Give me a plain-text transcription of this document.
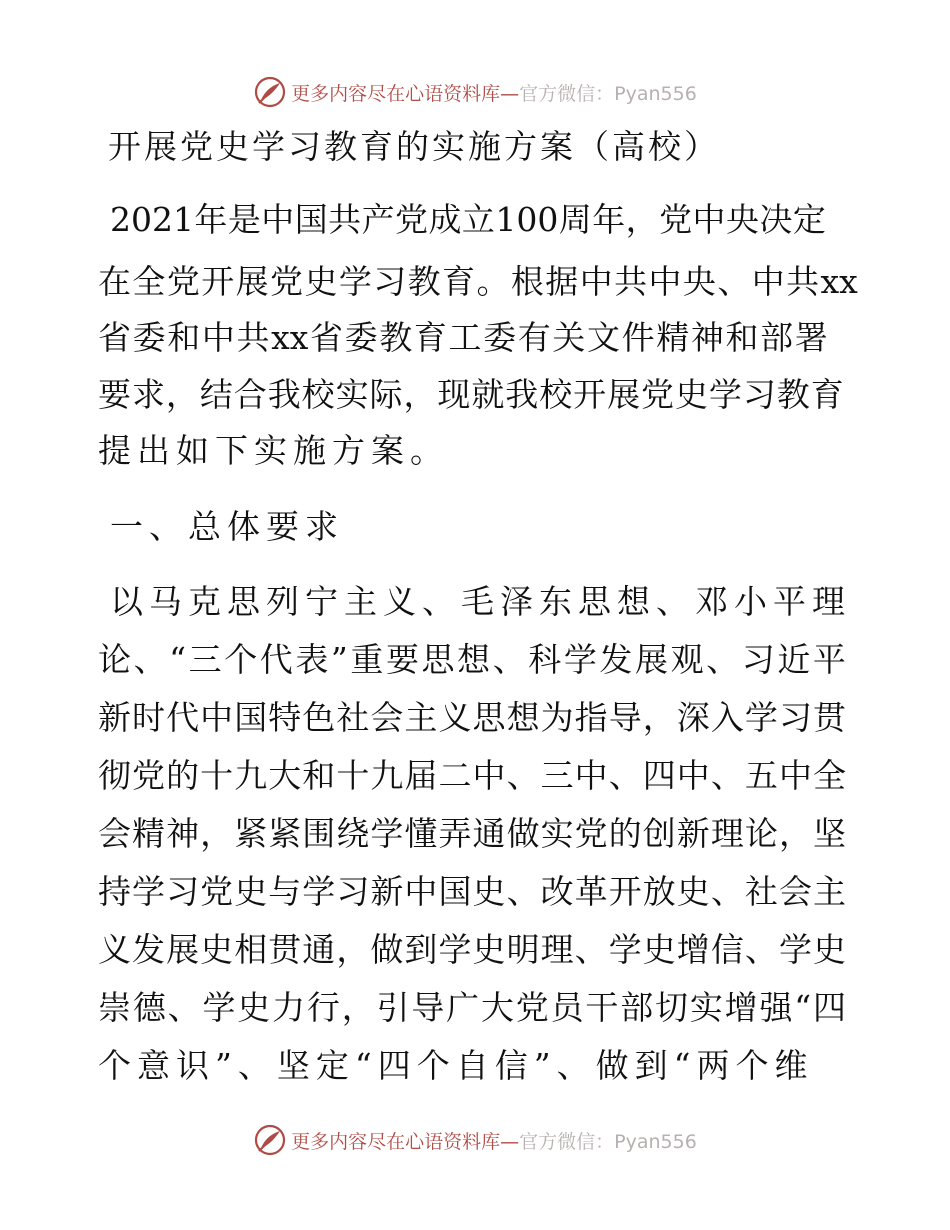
更多内容尽在心语资料库— 官方微信：Pyan556
开展党史学习教育的实施方案（高校）
2021 年 是 中 国 共 产 党 成 立 100 周 年 ， 党 中 央 决 定
在 全 党 开 展 党 史 学 习 教 育 。 根 据 中 共 中 央 、 中 共 xx
省 委 和 中 共 xx 省 委 教 育 工 委 有 关 文 件 精 神 和 部 署
要 求 ， 结 合 我 校 实 际 ， 现 就 我 校 开 展 党 史 学 习 教 育
提出如下实施方案。
一、总体要求
以马克思列宁主义、毛泽东思想、邓小平理
论 、 “ 三 个 代 表 ” 重 要 思 想 、 科 学 发 展 观 、 习 近 平
新 时 代 中 国 特 色 社 会 主 义 思 想 为 指 导 ， 深 入 学 习 贯
彻 党 的 十 九 大 和 十 九 届 二 中 、 三 中 、 四 中 、 五 中 全
会 精 神 ， 紧 紧 围 绕 学 懂 弄 通 做 实 党 的 创 新 理 论 ， 坚
持 学 习 党 史 与 学 习 新 中 国 史 、 改 革 开 放 史 、 社 会 主
义 发 展 史 相 贯 通 ， 做 到 学 史 明 理 、 学 史 增 信 、 学 史
崇 德 、 学 史 力 行 ， 引 导 广 大 党 员 干 部 切 实 增 强 “ 四
个意识”、坚定“四个自信”、做到“两个维
更多内容尽在心语资料库— 官方微信：Pyan556
